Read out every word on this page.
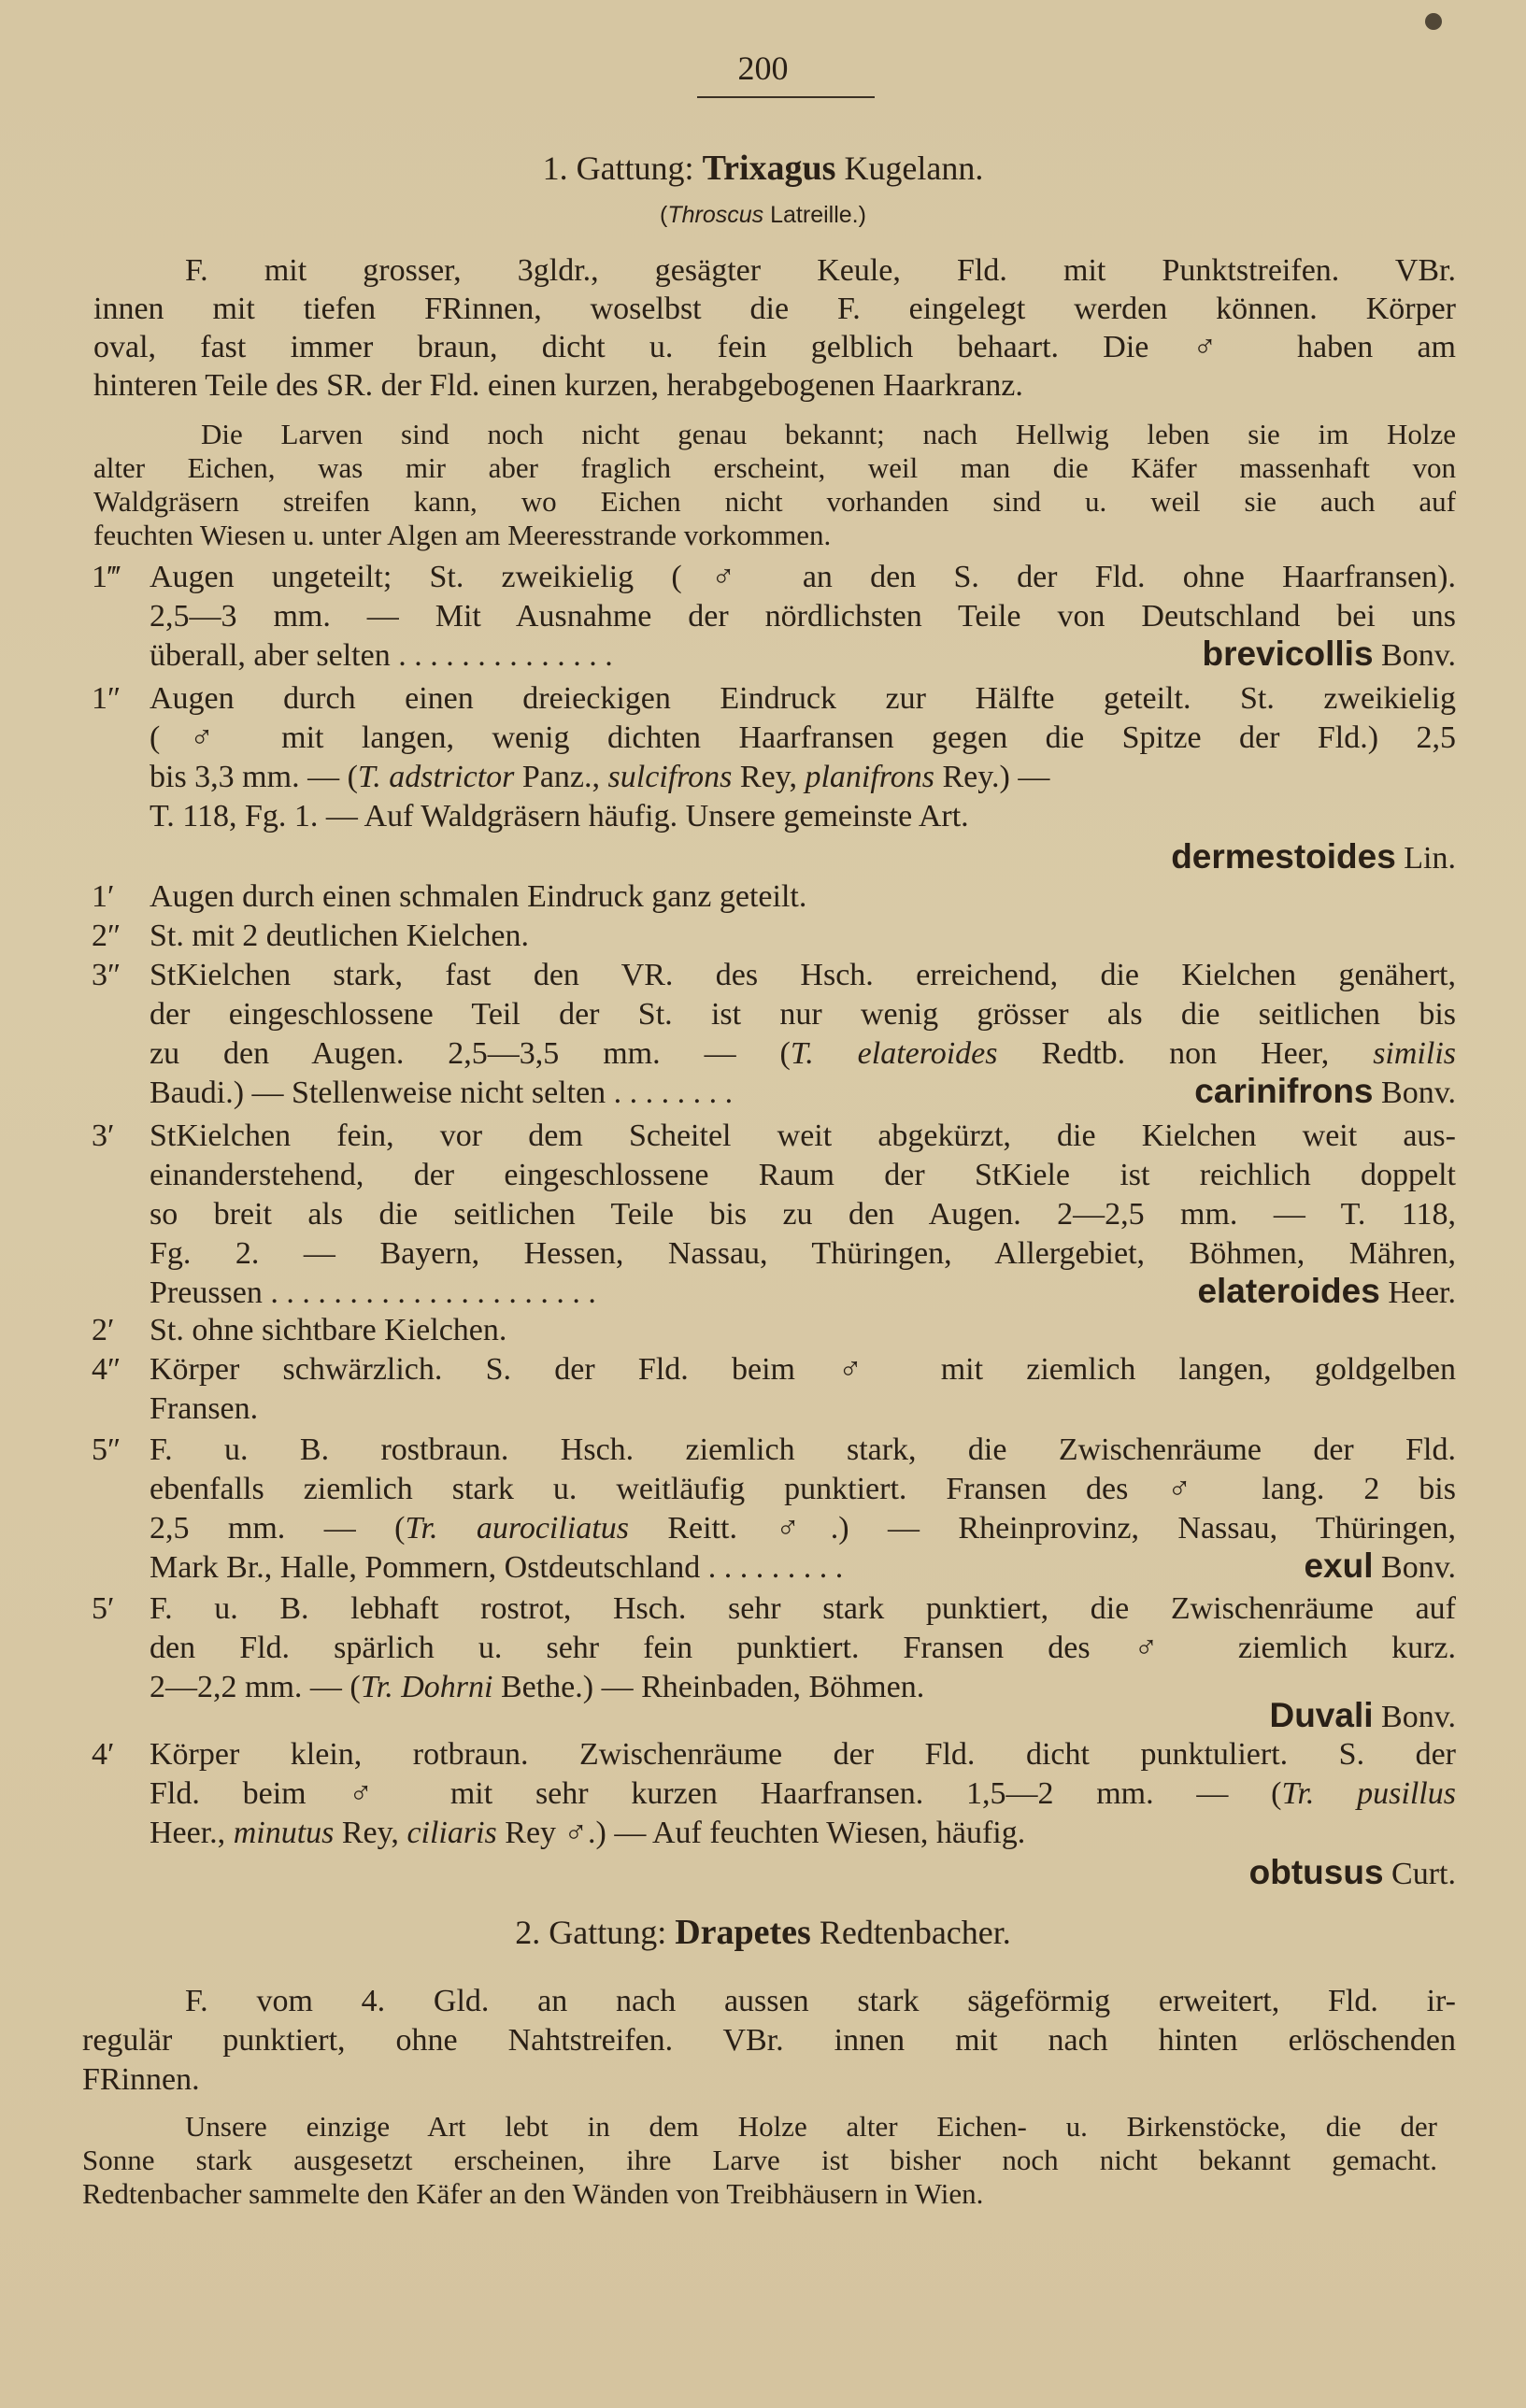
200
1. Gattung: Trixagus Kugelann.
(Throscus Latreille.)
F. mit grosser, 3gldr., gesägter Keule, Fld. mit Punktstreifen. VBr.
innen mit tiefen FRinnen, woselbst die F. eingelegt werden können. Körper
oval, fast immer braun, dicht u. fein gelblich behaart. Die ♂ haben am
hinteren Teile des SR. der Fld. einen kurzen, herabgebogenen Haarkranz.
Die Larven sind noch nicht genau bekannt; nach Hellwig leben sie im Holze
alter Eichen, was mir aber fraglich erscheint, weil man die Käfer massenhaft von
Waldgräsern streifen kann, wo Eichen nicht vorhanden sind u. weil sie auch auf
feuchten Wiesen u. unter Algen am Meeresstrande vorkommen.
1‴ Augen ungeteilt; St. zweikielig (♂ an den S. der Fld. ohne Haarfransen).
2,5—3 mm. — Mit Ausnahme der nördlichsten Teile von Deutschland bei uns
überall, aber selten . . . . . . . . . . . . . .	brevicollis Bonv.
1″ Augen durch einen dreieckigen Eindruck zur Hälfte geteilt. St. zweikielig
(♂ mit langen, wenig dichten Haarfransen gegen die Spitze der Fld.) 2,5
bis 3,3 mm. — (T. adstrictor Panz., sulcifrons Rey, planifrons Rey.) —
T. 118, Fg. 1. — Auf Waldgräsern häufig. Unsere gemeinste Art.
dermestoides Lin.
1′ Augen durch einen schmalen Eindruck ganz geteilt.
2″ St. mit 2 deutlichen Kielchen.
3″ StKielchen stark, fast den VR. des Hsch. erreichend, die Kielchen genähert,
der eingeschlossene Teil der St. ist nur wenig grösser als die seitlichen bis
zu den Augen. 2,5—3,5 mm. — (T. elateroides Redtb. non Heer, similis
Baudi.) — Stellenweise nicht selten . . . . . . . .	carinifrons Bonv.
3′ StKielchen fein, vor dem Scheitel weit abgekürzt, die Kielchen weit aus-
einanderstehend, der eingeschlossene Raum der StKiele ist reichlich doppelt
so breit als die seitlichen Teile bis zu den Augen. 2—2,5 mm. — T. 118,
Fg. 2. — Bayern, Hessen, Nassau, Thüringen, Allergebiet, Böhmen, Mähren,
Preussen . . . . . . . . . . . . . . . . . . . . .	elateroides Heer.
2′ St. ohne sichtbare Kielchen.
4″ Körper schwärzlich. S. der Fld. beim ♂ mit ziemlich langen, goldgelben
Fransen.
5″ F. u. B. rostbraun. Hsch. ziemlich stark, die Zwischenräume der Fld.
ebenfalls ziemlich stark u. weitläufig punktiert. Fransen des ♂ lang. 2 bis
2,5 mm. — (Tr. aurociliatus Reitt. ♂.) — Rheinprovinz, Nassau, Thüringen,
Mark Br., Halle, Pommern, Ostdeutschland . . . . . . . . .	exul Bonv.
5′ F. u. B. lebhaft rostrot, Hsch. sehr stark punktiert, die Zwischenräume auf
den Fld. spärlich u. sehr fein punktiert. Fransen des ♂ ziemlich kurz.
2—2,2 mm. — (Tr. Dohrni Bethe.) — Rheinbaden, Böhmen.
Duvali Bonv.
4′ Körper klein, rotbraun. Zwischenräume der Fld. dicht punktuliert. S. der
Fld. beim ♂ mit sehr kurzen Haarfransen. 1,5—2 mm. — (Tr. pusillus
Heer., minutus Rey, ciliaris Rey ♂.) — Auf feuchten Wiesen, häufig.
obtusus Curt.
2. Gattung: Drapetes Redtenbacher.
F. vom 4. Gld. an nach aussen stark sägeförmig erweitert, Fld. ir-
regulär punktiert, ohne Nahtstreifen. VBr. innen mit nach hinten erlöschenden
FRinnen.
Unsere einzige Art lebt in dem Holze alter Eichen- u. Birkenstöcke, die der
Sonne stark ausgesetzt erscheinen, ihre Larve ist bisher noch nicht bekannt gemacht.
Redtenbacher sammelte den Käfer an den Wänden von Treibhäusern in Wien.
